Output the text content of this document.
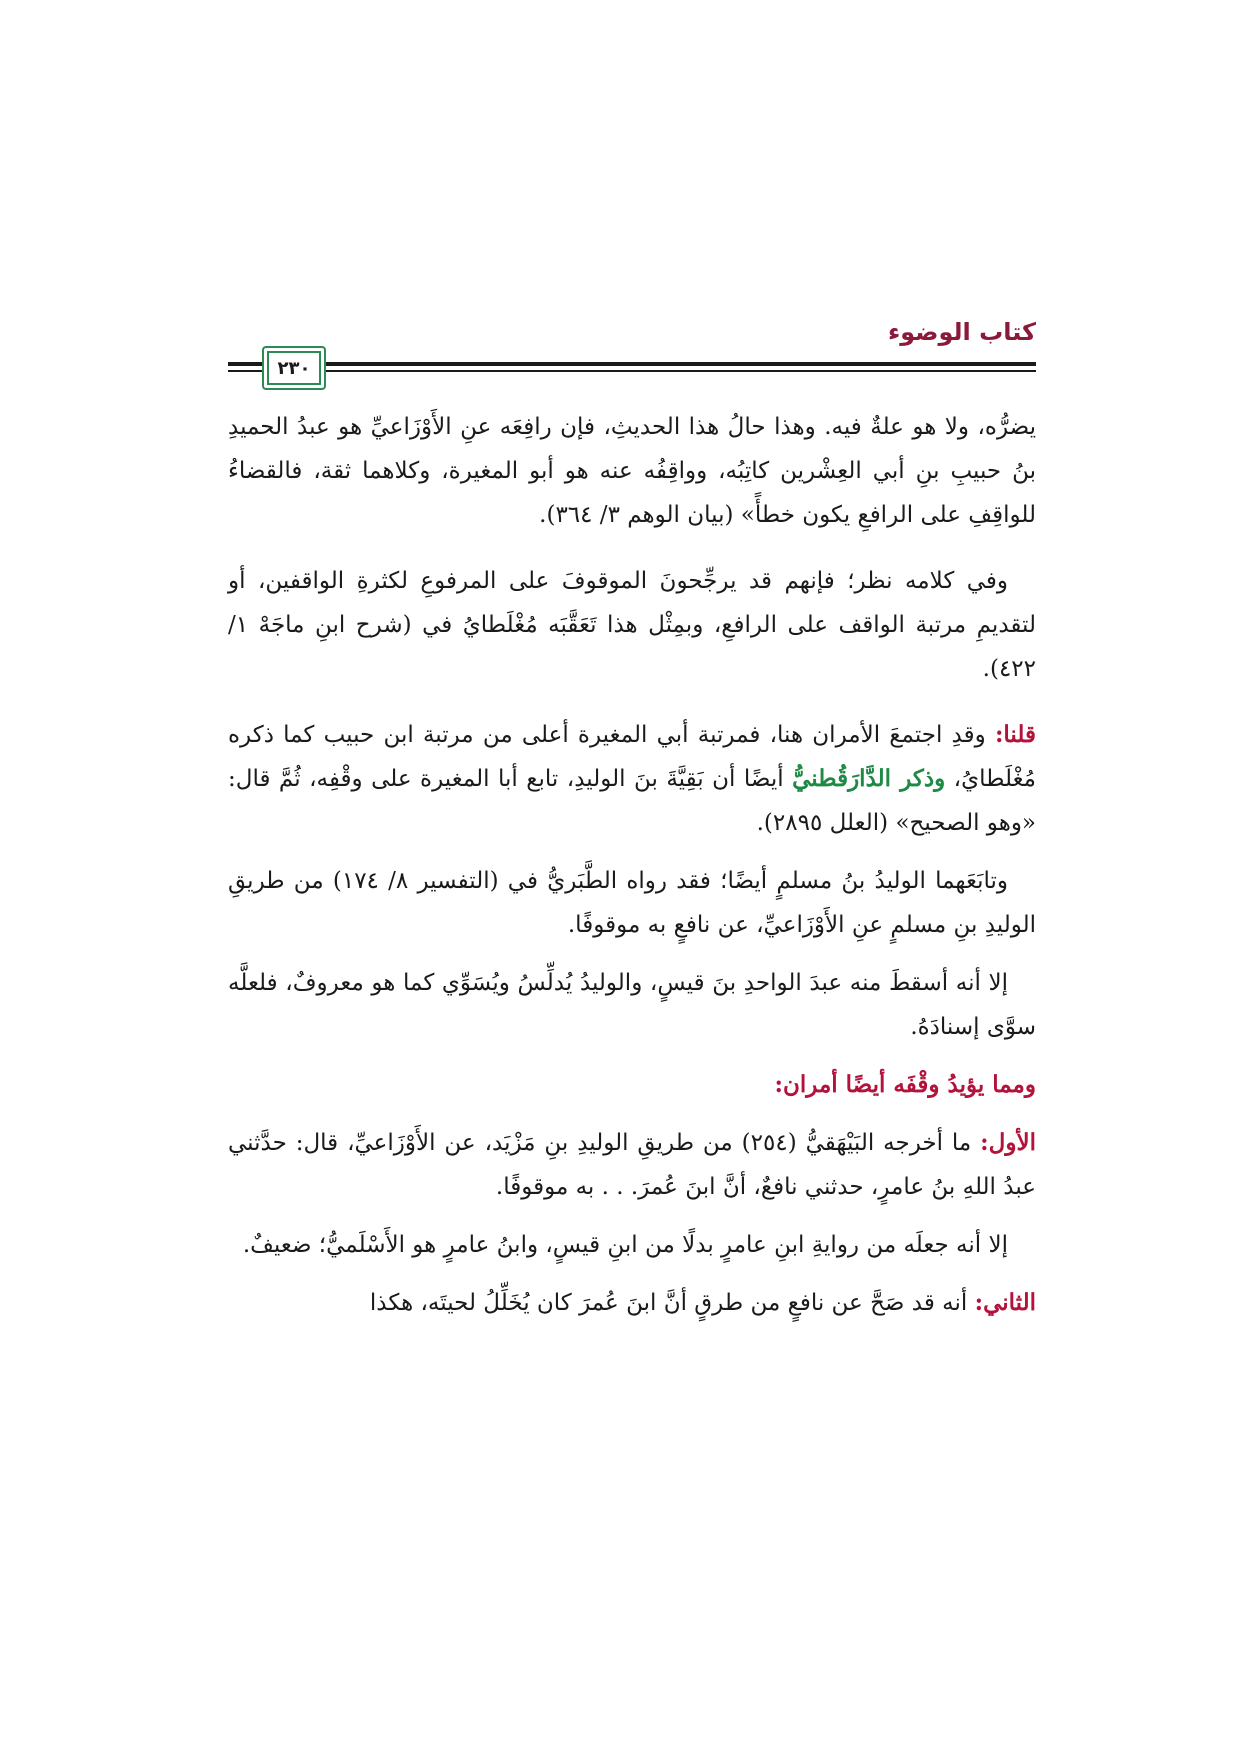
كتاب الوضوء
٢٣٠

يضرُّه، ولا هو علةٌ فيه. وهذا حالُ هذا الحديثِ، فإن رافِعَه عنِ الأَوْزَاعيِّ هو عبدُ الحميدِ بنُ حبيبِ بنِ أبي العِشْرين كاتِبُه، وواقِفُه عنه هو أبو المغيرة، وكلاهما ثقة، فالقضاءُ للواقِفِ على الرافعِ يكون خطأً» (بيان الوهم ٣/ ٣٦٤).

وفي كلامه نظر؛ فإنهم قد يرجِّحونَ الموقوفَ على المرفوعِ لكثرةِ الواقفين، أو لتقديمِ مرتبة الواقف على الرافعِ، وبمِثْل هذا تَعَقَّبَه مُغْلَطايُ في (شرح ابنِ ماجَهْ ١/ ٤٢٢).

قلنا: وقدِ اجتمعَ الأمران هنا، فمرتبة أبي المغيرة أعلى من مرتبة ابن حبيب كما ذكره مُغْلَطايُ، وذكر الدَّارَقُطنيُّ أيضًا أن بَقِيَّةَ بنَ الوليدِ، تابع أبا المغيرة على وقْفِه، ثُمَّ قال: «وهو الصحيح» (العلل ٢٨٩٥).

وتابَعَهما الوليدُ بنُ مسلمٍ أيضًا؛ فقد رواه الطَّبَريُّ في (التفسير ٨/ ١٧٤) من طريقِ الوليدِ بنِ مسلمٍ عنِ الأَوْزَاعيِّ، عن نافعٍ به موقوفًا.

إلا أنه أسقطَ منه عبدَ الواحدِ بنَ قيسٍ، والوليدُ يُدلِّسُ ويُسَوِّي كما هو معروفٌ، فلعلَّه سوَّى إسنادَهُ.

ومما يؤيدُ وقْفَه أيضًا أمران:

الأول: ما أخرجه البَيْهَقيُّ (٢٥٤) من طريقِ الوليدِ بنِ مَزْيَد، عن الأَوْزَاعيِّ، قال: حدَّثني عبدُ اللهِ بنُ عامرٍ، حدثني نافعٌ، أنَّ ابنَ عُمرَ. . . به موقوفًا.

إلا أنه جعلَه من روايةِ ابنِ عامرٍ بدلًا من ابنِ قيسٍ، وابنُ عامرٍ هو الأَسْلَميُّ؛ ضعيفٌ.

الثاني: أنه قد صَحَّ عن نافعٍ من طرقٍ أنَّ ابنَ عُمرَ كان يُخَلِّلُ لحيتَه، هكذا
